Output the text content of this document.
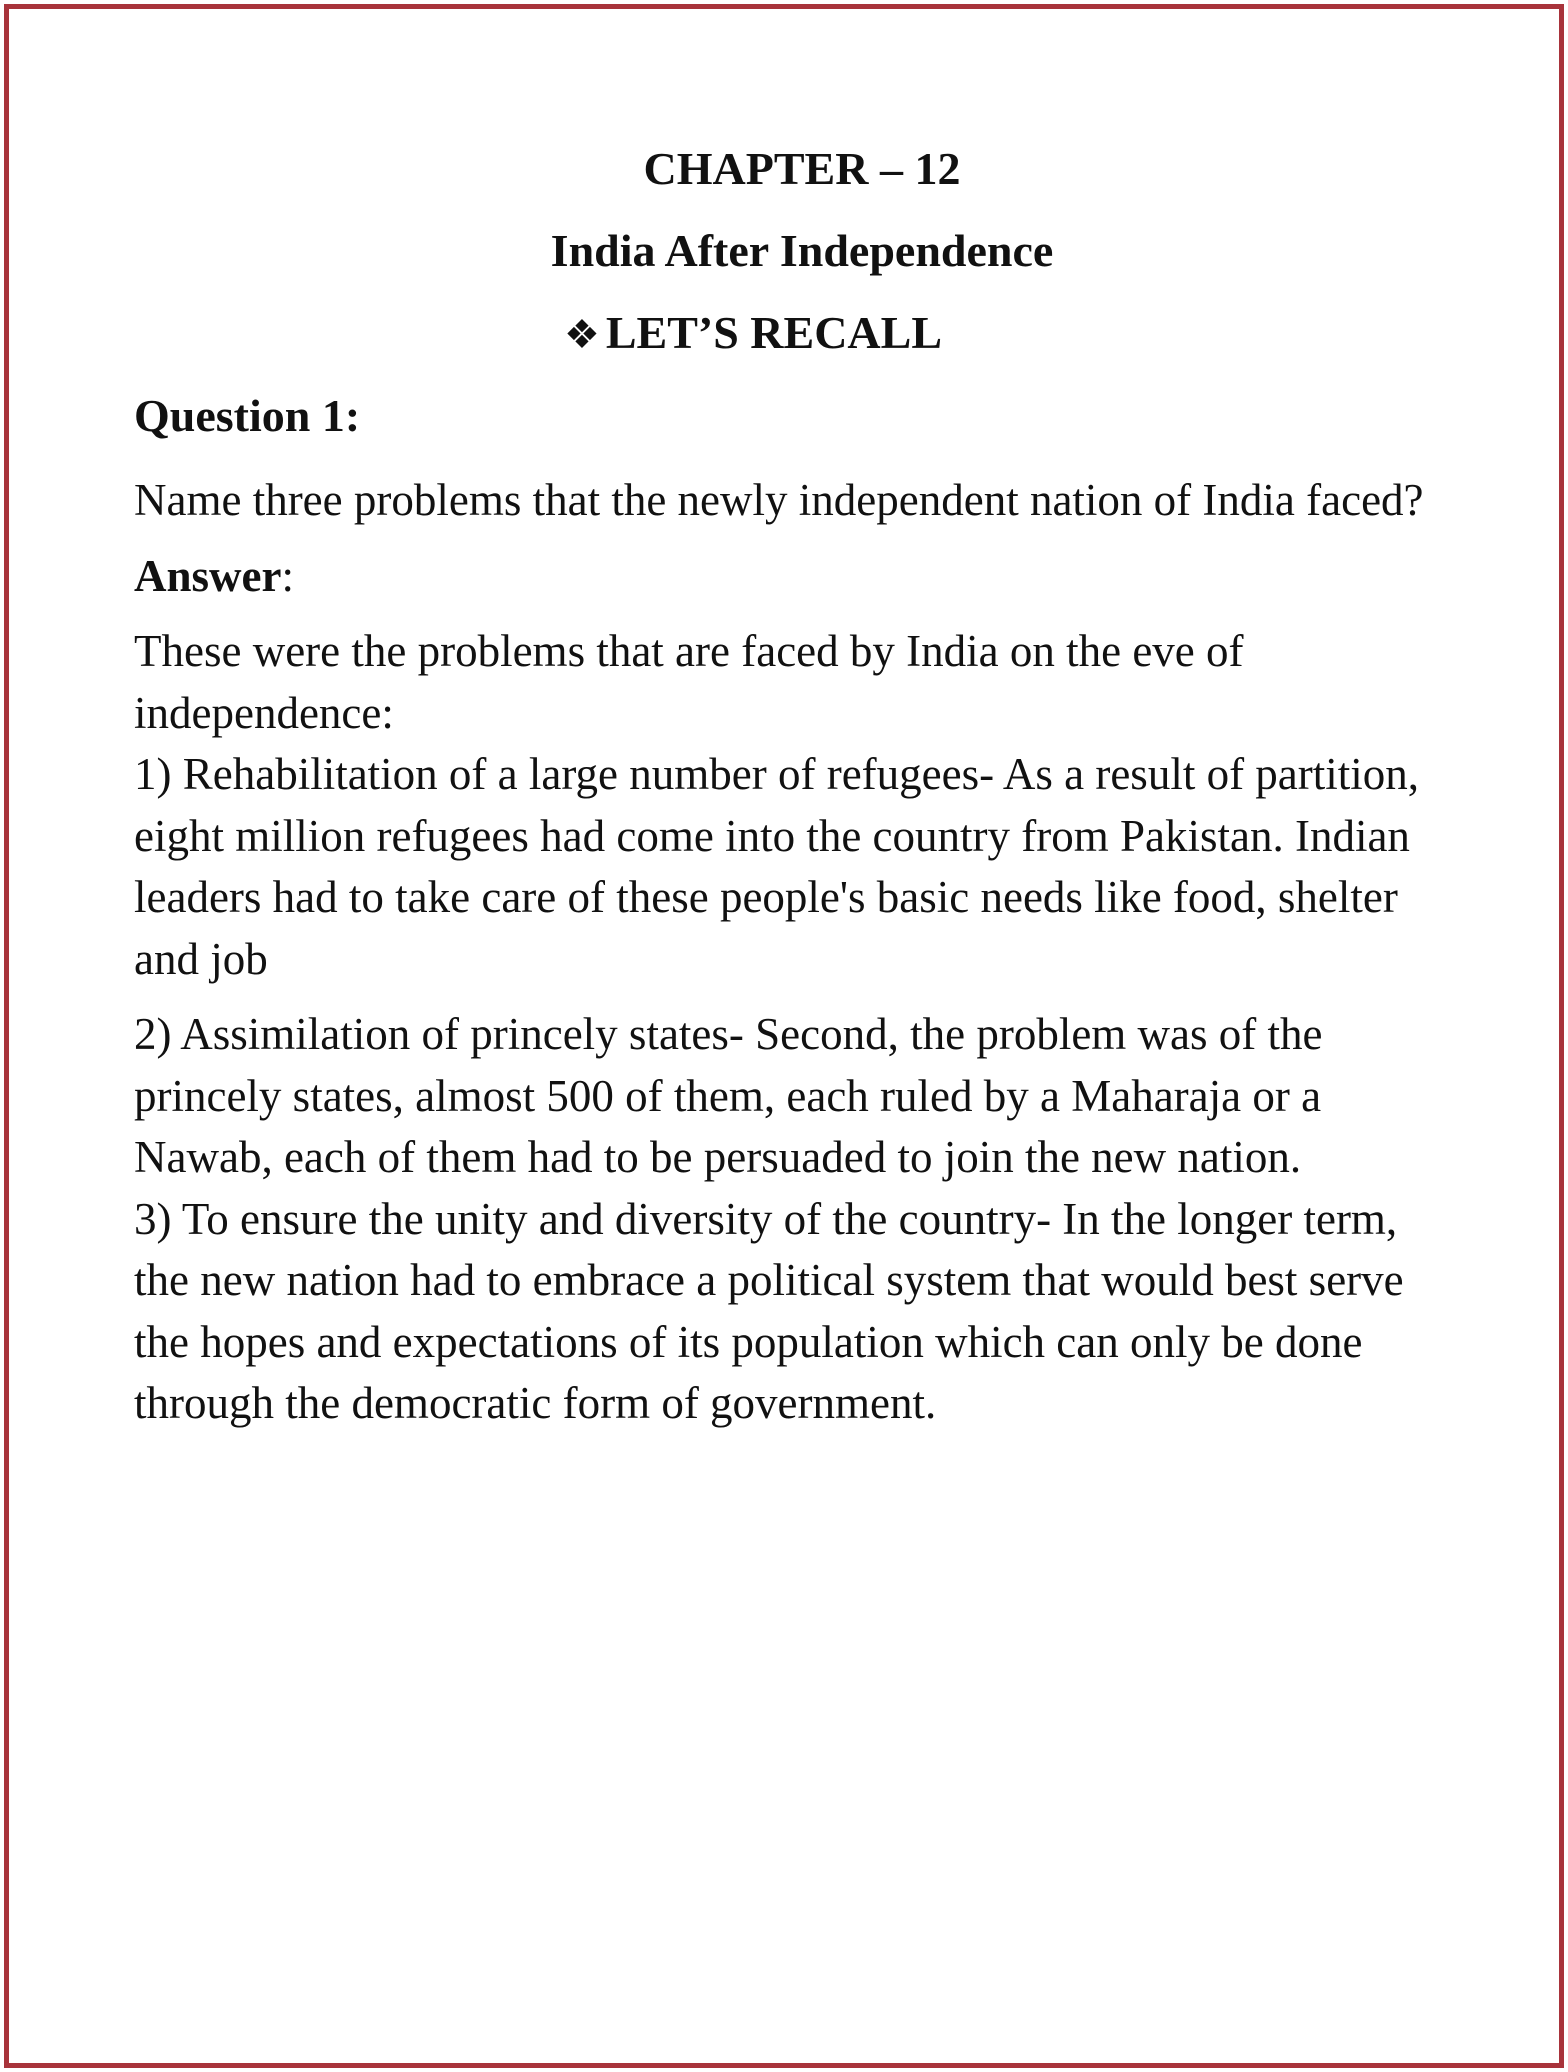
CHAPTER – 12
India After Independence
❖ LET’S RECALL
Question 1:

Name three problems that the newly independent nation of India faced?

Answer:

These were the problems that are faced by India on the eve of independence:

1) Rehabilitation of a large number of refugees- As a result of partition, eight million refugees had come into the country from Pakistan. Indian leaders had to take care of these people's basic needs like food, shelter and job

2) Assimilation of princely states- Second, the problem was of the princely states, almost 500 of them, each ruled by a Maharaja or a Nawab, each of them had to be persuaded to join the new nation.

3) To ensure the unity and diversity of the country- In the longer term, the new nation had to embrace a political system that would best serve the hopes and expectations of its population which can only be done through the democratic form of government.
